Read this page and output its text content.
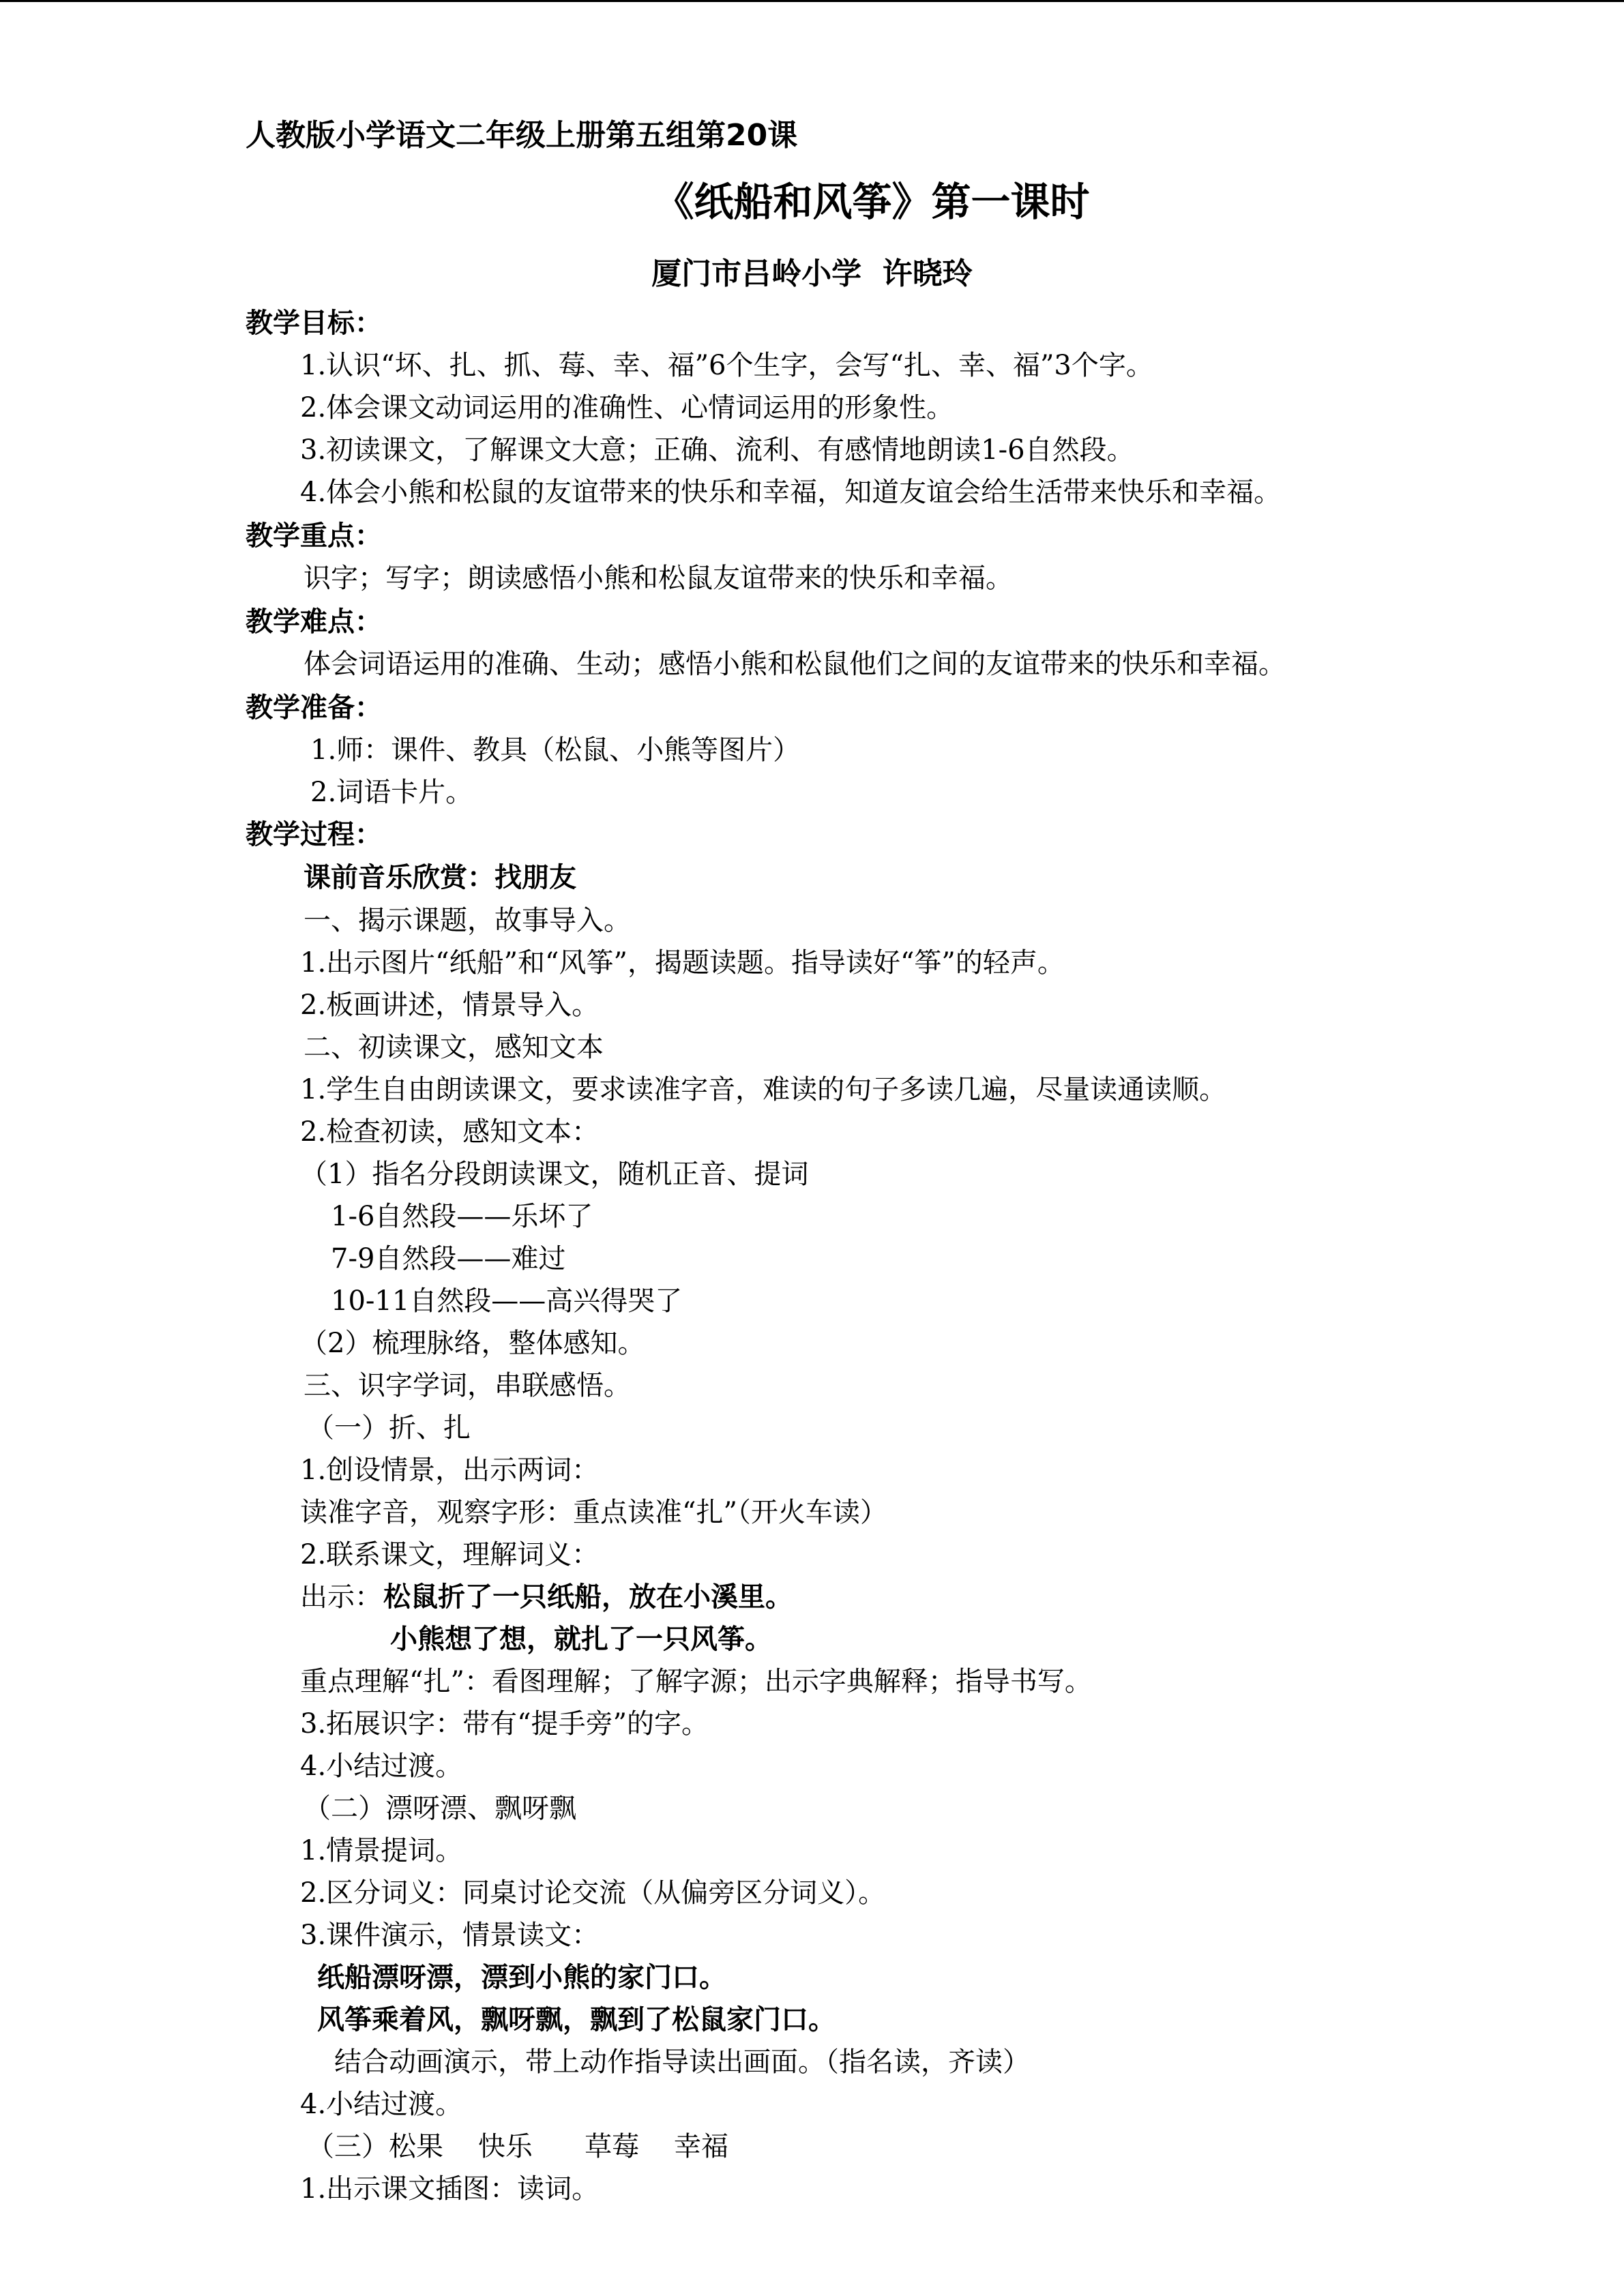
人教版小学语文二年级上册第五组第20课
《纸船和风筝》第一课时
厦门市吕岭小学  许晓玲
教学目标：
1.认识“坏、扎、抓、莓、幸、福”6个生字，会写“扎、幸、福”3个字。
2.体会课文动词运用的准确性、心情词运用的形象性。
3.初读课文，了解课文大意；正确、流利、有感情地朗读1-6自然段。
4.体会小熊和松鼠的友谊带来的快乐和幸福，知道友谊会给生活带来快乐和幸福。
教学重点：
识字；写字；朗读感悟小熊和松鼠友谊带来的快乐和幸福。
教学难点：
体会词语运用的准确、生动；感悟小熊和松鼠他们之间的友谊带来的快乐和幸福。
教学准备：
1.师：课件、教具（松鼠、小熊等图片）
2.词语卡片。
教学过程：
课前音乐欣赏：找朋友
一、揭示课题，故事导入。
1.出示图片“纸船”和“风筝”，揭题读题。指导读好“筝”的轻声。
2.板画讲述，情景导入。
二、初读课文，感知文本
1.学生自由朗读课文，要求读准字音，难读的句子多读几遍，尽量读通读顺。
2.检查初读，感知文本：
（1）指名分段朗读课文，随机正音、提词
1-6自然段——乐坏了
7-9自然段——难过
10-11自然段——高兴得哭了
（2）梳理脉络，整体感知。
三、识字学词，串联感悟。
（一）折、扎
1.创设情景，出示两词：
读准字音，观察字形：重点读准“扎”（开火车读）
2.联系课文，理解词义：
出示： 松鼠折了一只纸船，放在小溪里。
小熊想了想，就扎了一只风筝。
重点理解“扎”：看图理解；了解字源；出示字典解释；指导书写。
3.拓展识字：带有“提手旁”的字。
4.小结过渡。
（二）漂呀漂、飘呀飘
1.情景提词。
2.区分词义：同桌讨论交流（从偏旁区分词义）。
3.课件演示，情景读文：
纸船漂呀漂，漂到小熊的家门口。
风筝乘着风，飘呀飘，飘到了松鼠家门口。
结合动画演示，带上动作指导读出画面。（指名读，齐读）
4.小结过渡。
（三）松果    快乐      草莓    幸福
1.出示课文插图：读词。
